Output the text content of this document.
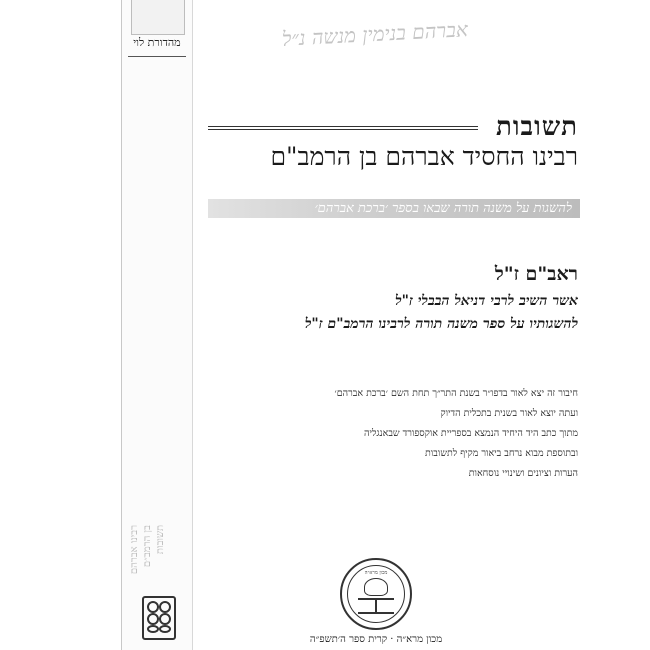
מהדורת לוי
רבינו אברהם בן הרמב״ם תשובות
אברהם בנימין מנשה נ״ל
תשובות
רבינו החסיד אברהם בן הרמב"ם
להשגות על משנה תורה שבאו בספר ׳ברכת אברהם׳
ראב"ם ז"ל
אשר השיב לרבי דניאל הבבלי ז"ל
להשגותיו על ספר משנה תורה לרבינו הרמב"ם ז"ל
חיבור זה יצא לאור בדפו״ר בשנת התר״ך תחת השם ׳ברכת אברהם׳
ועתה יוצא לאור בשנית בתכלית הדיוק
מתוך כתב היד היחיד הנמצא בספריית אוקספורד שבאנגליה
ובתוספת מבוא נרחב ביאור מקיף לתשובות
הערות וציונים ושינויי נוסחאות
מכון מרא״ה
מכון מרא״ה · קרית ספר ה׳תשפ״ה
